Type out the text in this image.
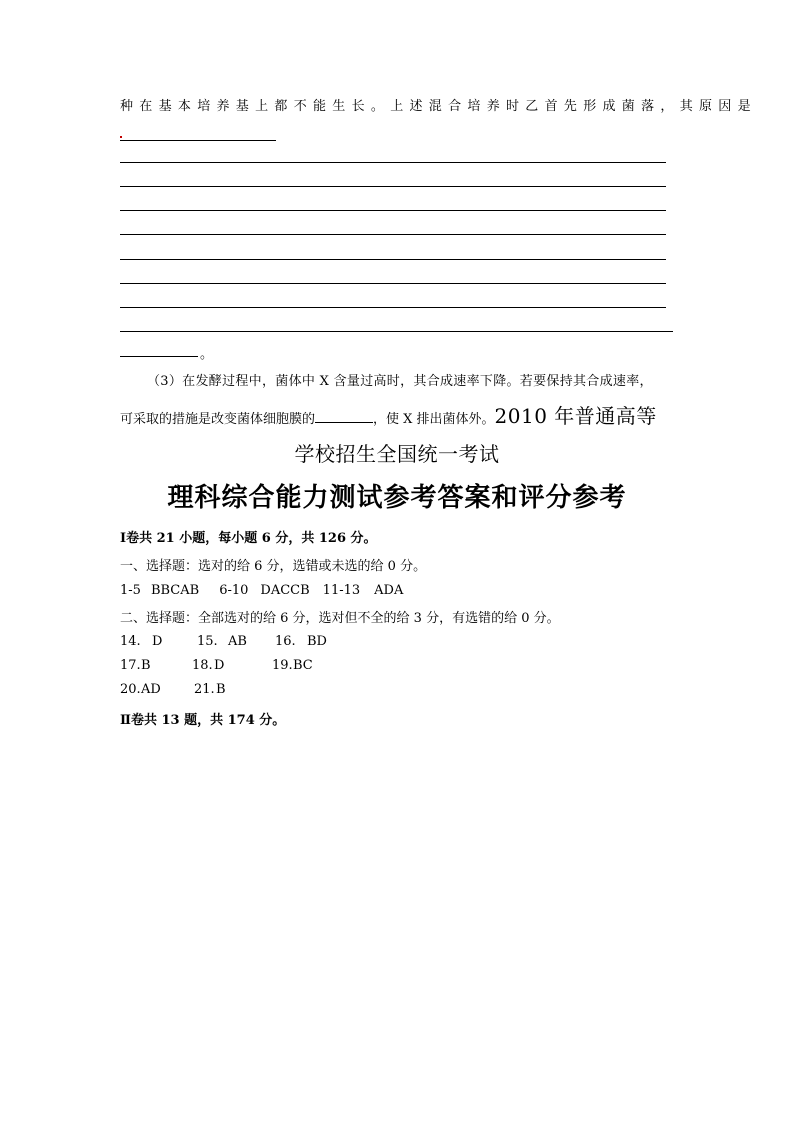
种在基本培养基上都不能生长。上述混合培养时乙首先形成菌落，其原因是
。
（3）在发酵过程中，菌体中 X 含量过高时，其合成速率下降。若要保持其合成速率，
可采取的措施是改变菌体细胞膜的	，使 X 排出菌体外。2010 年普通高等
学校招生全国统一考试
理科综合能力测试参考答案和评分参考
Ⅰ卷共 21 小题，每小题 6 分，共 126 分。
一、选择题：选对的给 6 分，选错或未选的给 0 分。
1-5 BBCAB 6-10 DACCB 11-13 ADA
二、选择题：全部选对的给 6 分，选对但不全的给 3 分，有选错的给 0 分。
14. D	15. AB 16. BD
17. B	18. D	19. BC
20. AD	21. B
Ⅱ卷共 13 题，共 174 分。
